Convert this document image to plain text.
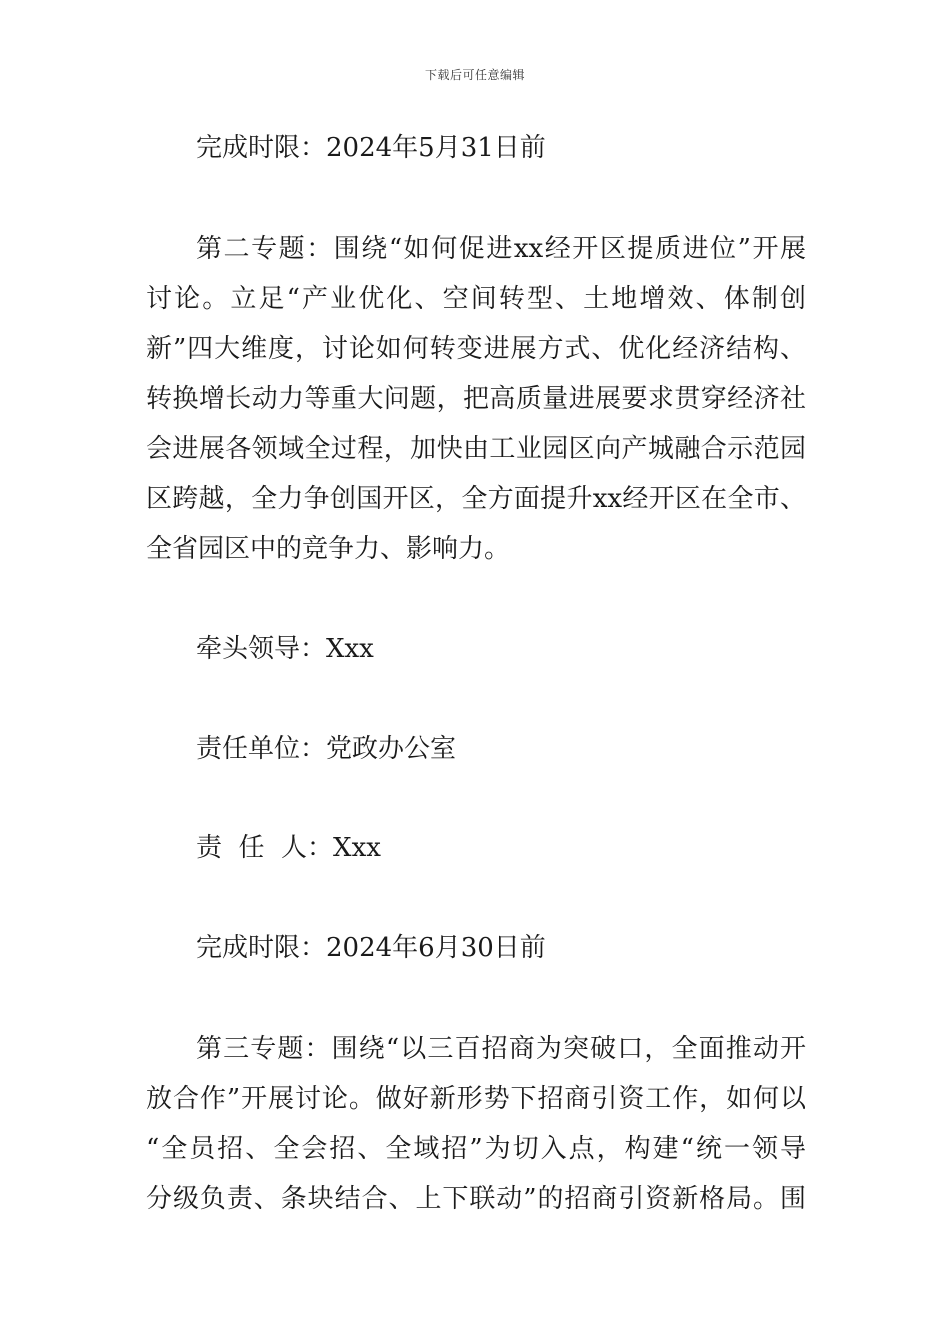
下载后可任意编辑
完成时限：2024年5月31日前
第二专题：围绕“如何促进xx经开区提质进位”开展
讨论。立足“产业优化、空间转型、土地增效、体制创
新”四大维度，讨论如何转变进展方式、优化经济结构、
转换增长动力等重大问题，把高质量进展要求贯穿经济社
会进展各领域全过程，加快由工业园区向产城融合示范园
区跨越，全力争创国开区，全方面提升xx经开区在全市、
全省园区中的竞争力、影响力。
牵头领导：Xxx
责任单位：党政办公室
责  任  人：Xxx
完成时限：2024年6月30日前
第三专题：围绕“以三百招商为突破口，全面推动开
放合作”开展讨论。做好新形势下招商引资工作，如何以
“全员招、全会招、全域招”为切入点，构建“统一领导
分级负责、条块结合、上下联动”的招商引资新格局。围
